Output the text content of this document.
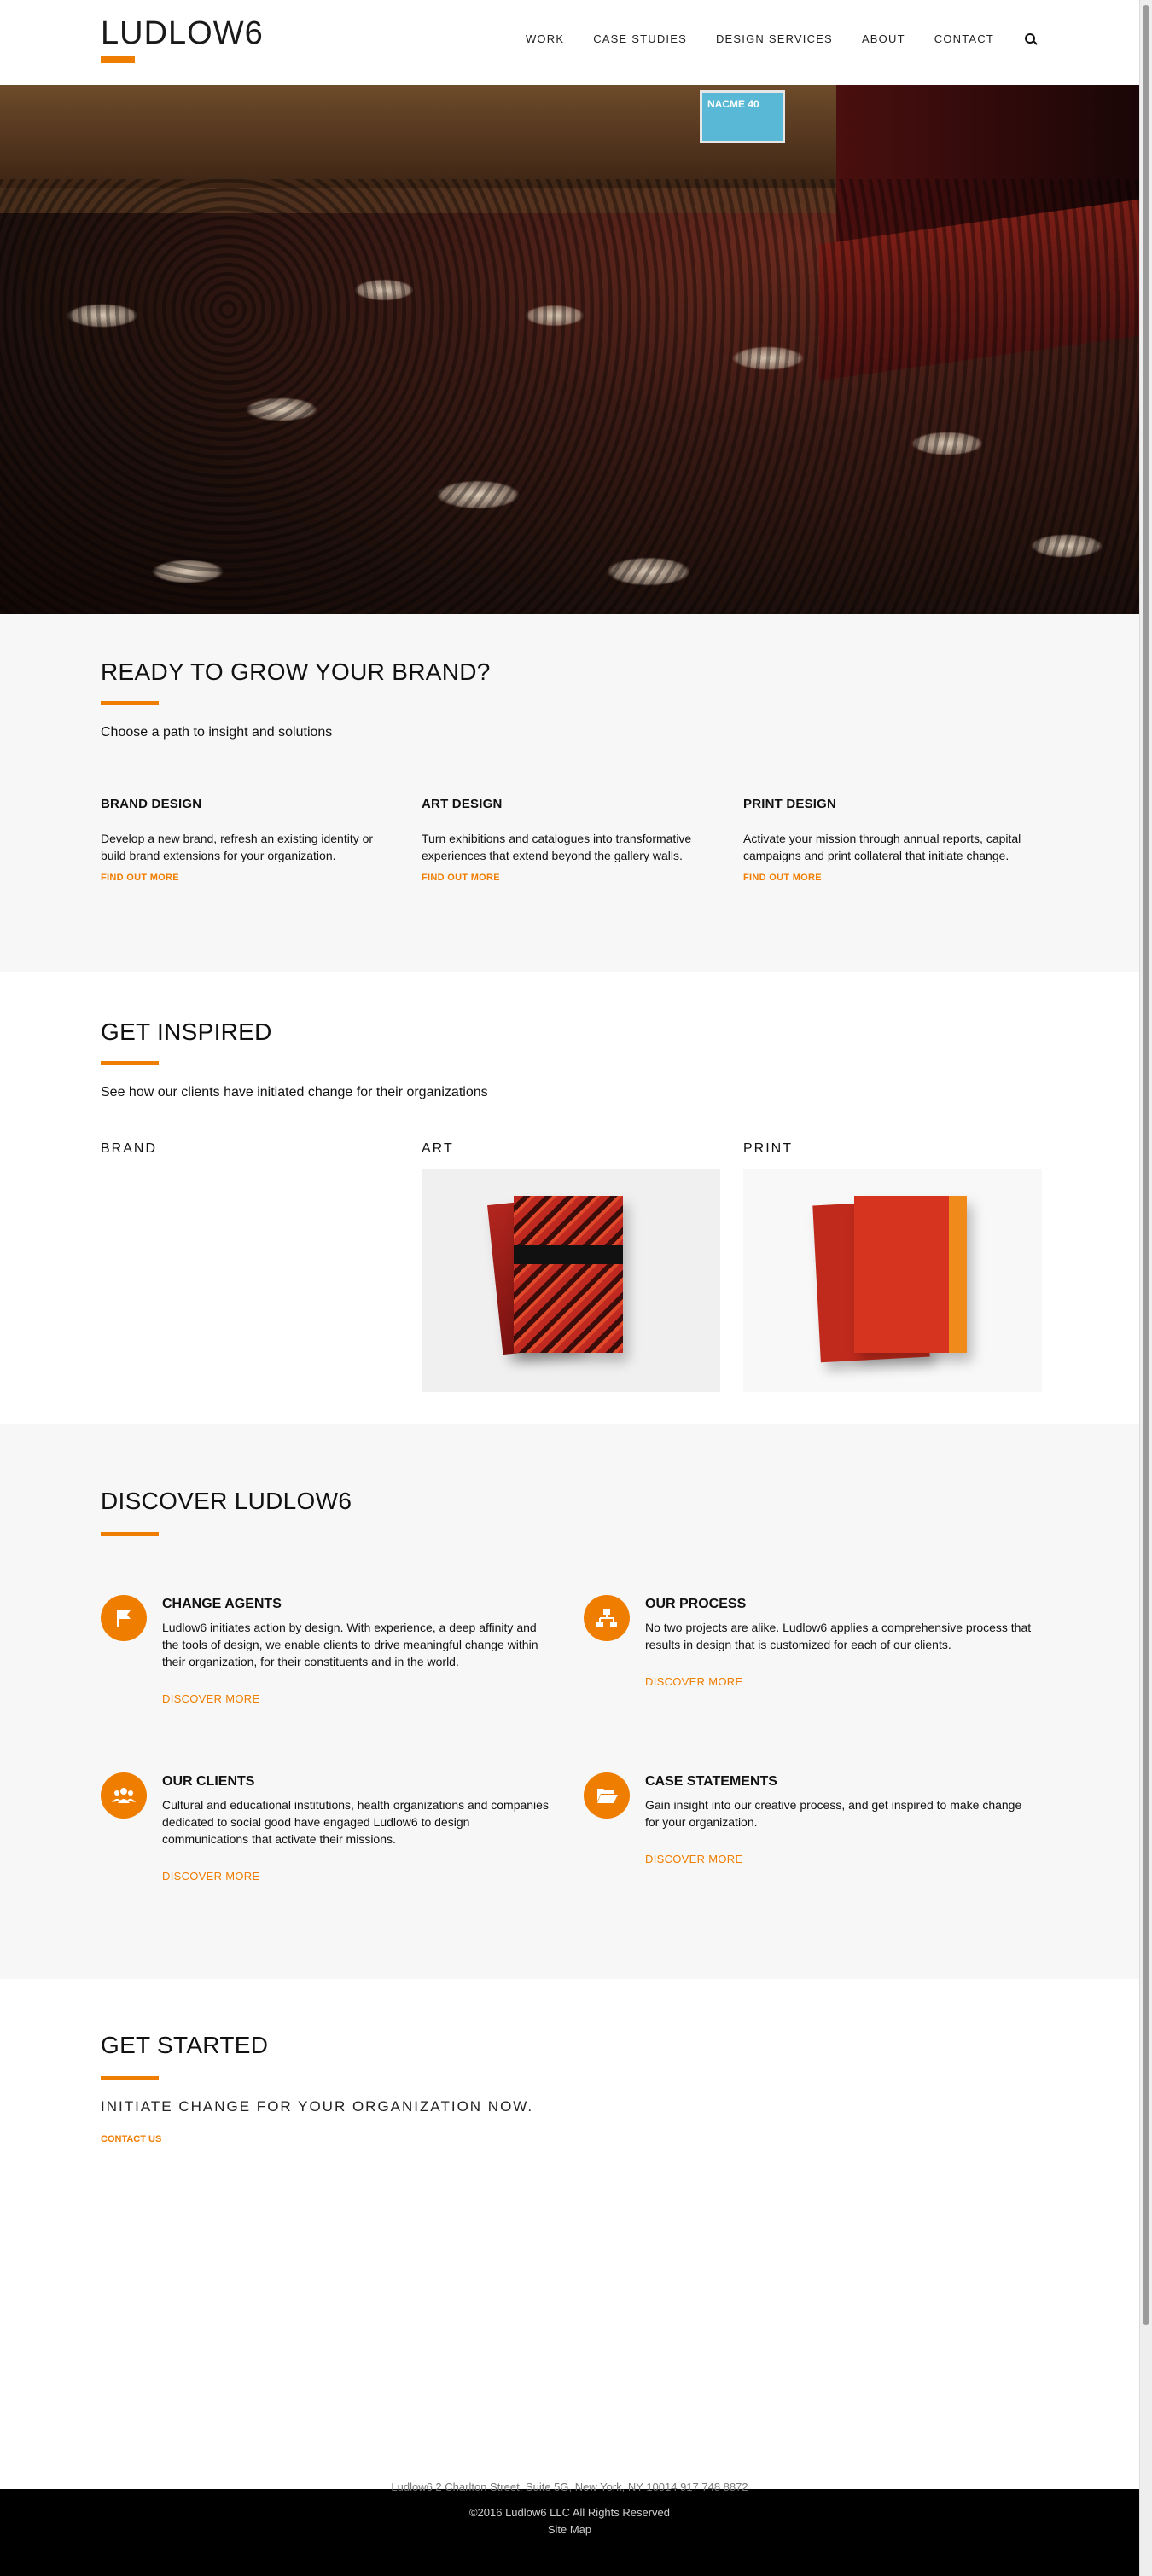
LUDLOW6	WORK	CASE STUDIES	DESIGN SERVICES	ABOUT	CONTACT
NACME 40
READY TO GROW YOUR BRAND?
Choose a path to insight and solutions
BRAND DESIGN
Develop a new brand, refresh an existing identity or build brand extensions for your organization.
FIND OUT MORE
ART DESIGN
Turn exhibitions and catalogues into transformative experiences that extend beyond the gallery walls.
FIND OUT MORE
PRINT DESIGN
Activate your mission through annual reports, capital campaigns and print collateral that initiate change.
FIND OUT MORE
GET INSPIRED
See how our clients have initiated change for their organizations
BRAND	ART	PRINT
DISCOVER LUDLOW6
CHANGE AGENTS
Ludlow6 initiates action by design. With experience, a deep affinity and the tools of design, we enable clients to drive meaningful change within their organization, for their constituents and in the world.
DISCOVER MORE
OUR PROCESS
No two projects are alike. Ludlow6 applies a comprehensive process that results in design that is customized for each of our clients.
DISCOVER MORE
OUR CLIENTS
Cultural and educational institutions, health organizations and companies dedicated to social good have engaged Ludlow6 to design communications that activate their missions.
DISCOVER MORE
CASE STATEMENTS
Gain insight into our creative process, and get inspired to make change for your organization.
DISCOVER MORE
GET STARTED
INITIATE CHANGE FOR YOUR ORGANIZATION NOW.
CONTACT US
Ludlow6 2 Charlton Street, Suite 5G, New York, NY 10014 917 748 8872
©2016 Ludlow6 LLC All Rights Reserved
Site Map
